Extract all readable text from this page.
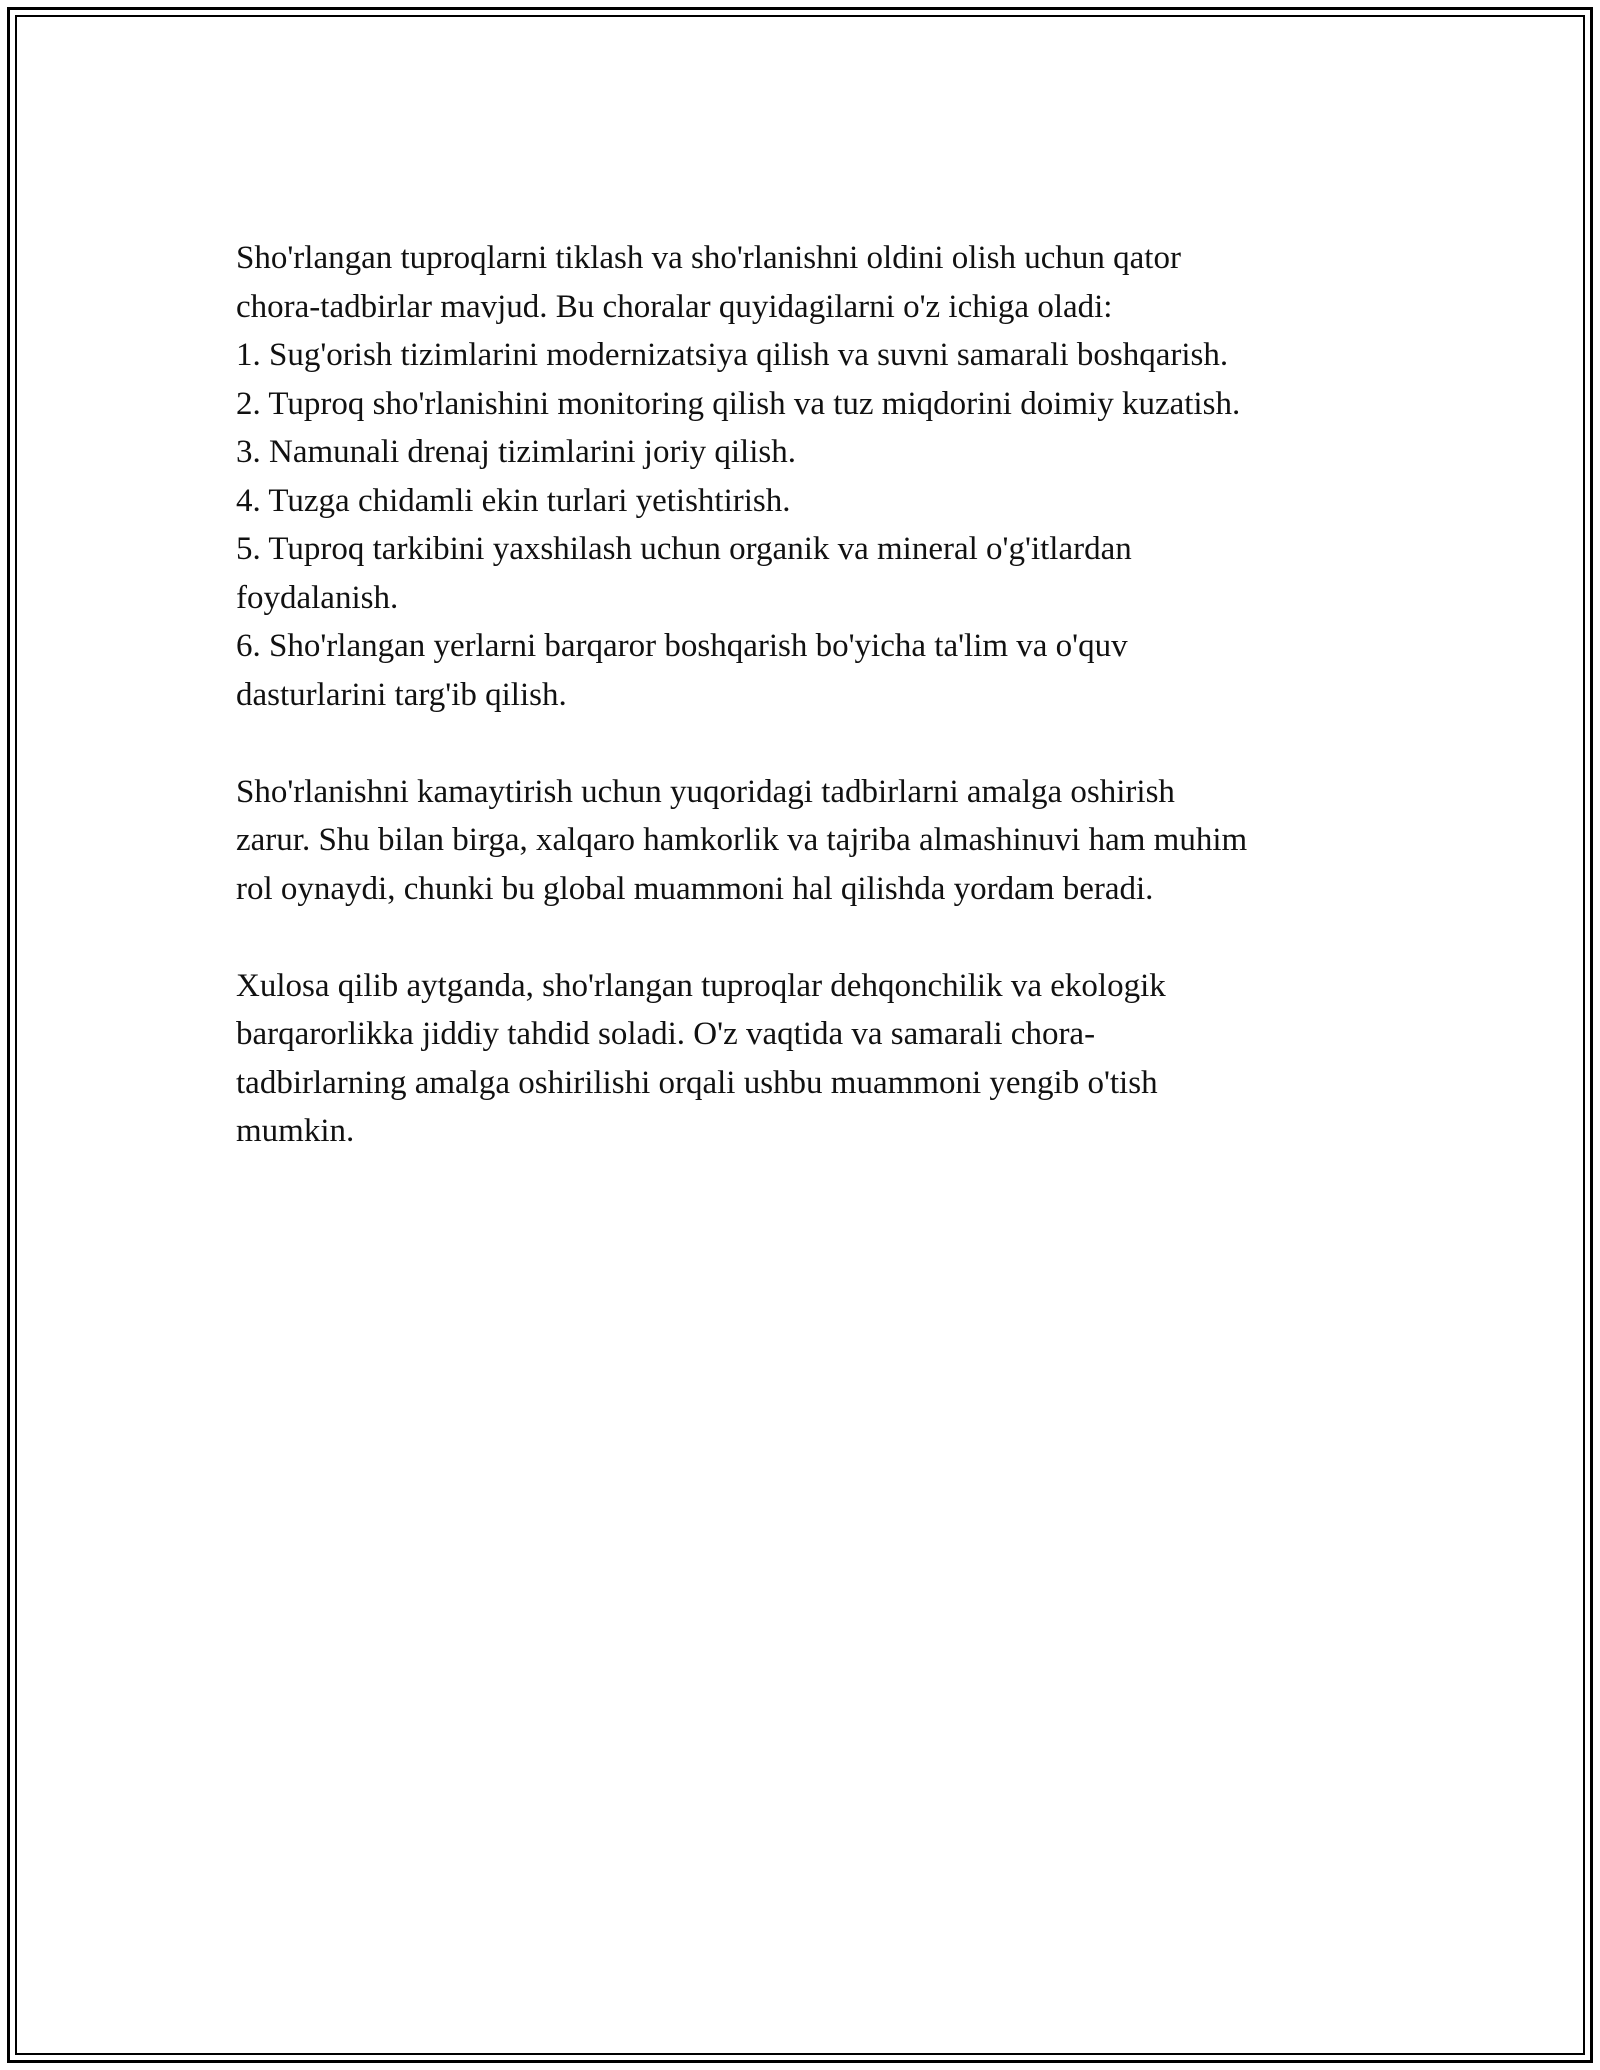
Sho'rlangan tuproqlarni tiklash va sho'rlanishni oldini olish uchun qator
chora-tadbirlar mavjud. Bu choralar quyidagilarni o'z ichiga oladi:

1. Sug'orish tizimlarini modernizatsiya qilish va suvni samarali boshqarish.
2. Tuproq sho'rlanishini monitoring qilish va tuz miqdorini doimiy kuzatish.
3. Namunali drenaj tizimlarini joriy qilish.
4. Tuzga chidamli ekin turlari yetishtirish.
5. Tuproq tarkibini yaxshilash uchun organik va mineral o'g'itlardan
foydalanish.
6. Sho'rlangan yerlarni barqaror boshqarish bo'yicha ta'lim va o'quv
dasturlarini targ'ib qilish.

Sho'rlanishni kamaytirish uchun yuqoridagi tadbirlarni amalga oshirish
zarur. Shu bilan birga, xalqaro hamkorlik va tajriba almashinuvi ham muhim
rol oynaydi, chunki bu global muammoni hal qilishda yordam beradi.

Xulosa qilib aytganda, sho'rlangan tuproqlar dehqonchilik va ekologik
barqarorlikka jiddiy tahdid soladi. O'z vaqtida va samarali chora-
tadbirlarning amalga oshirilishi orqali ushbu muammoni yengib o'tish
mumkin.
